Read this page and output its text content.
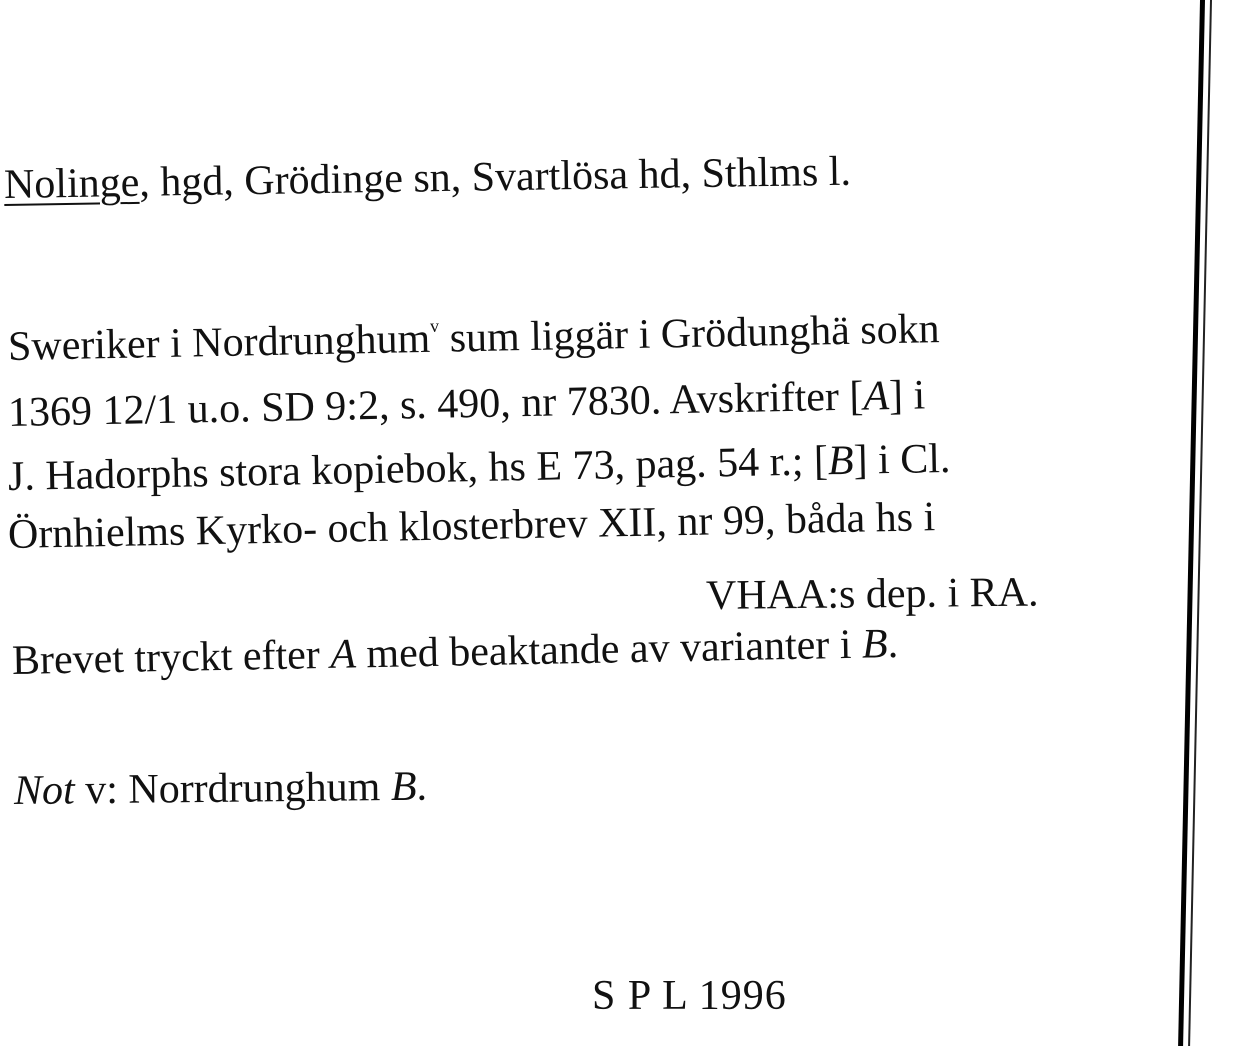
Nolinge, hgd, Grödinge sn, Svartlösa hd, Sthlms l.
Sweriker i Nordrunghum$^v$ sum liggär i Grödunghä sokn
1369 12/1 u.o. SD 9:2, s. 490, nr 7830. Avskrifter [A] i
J. Hadorphs stora kopiebok, hs E 73, pag. 54 r.; [B] i Cl.
Örnhielms Kyrko- och klosterbrev XII, nr 99, båda hs i
VHAA:s dep. i RA.
Brevet tryckt efter A med beaktande av varianter i B.
Not v: Norrdrunghum B.
S P L 1996
